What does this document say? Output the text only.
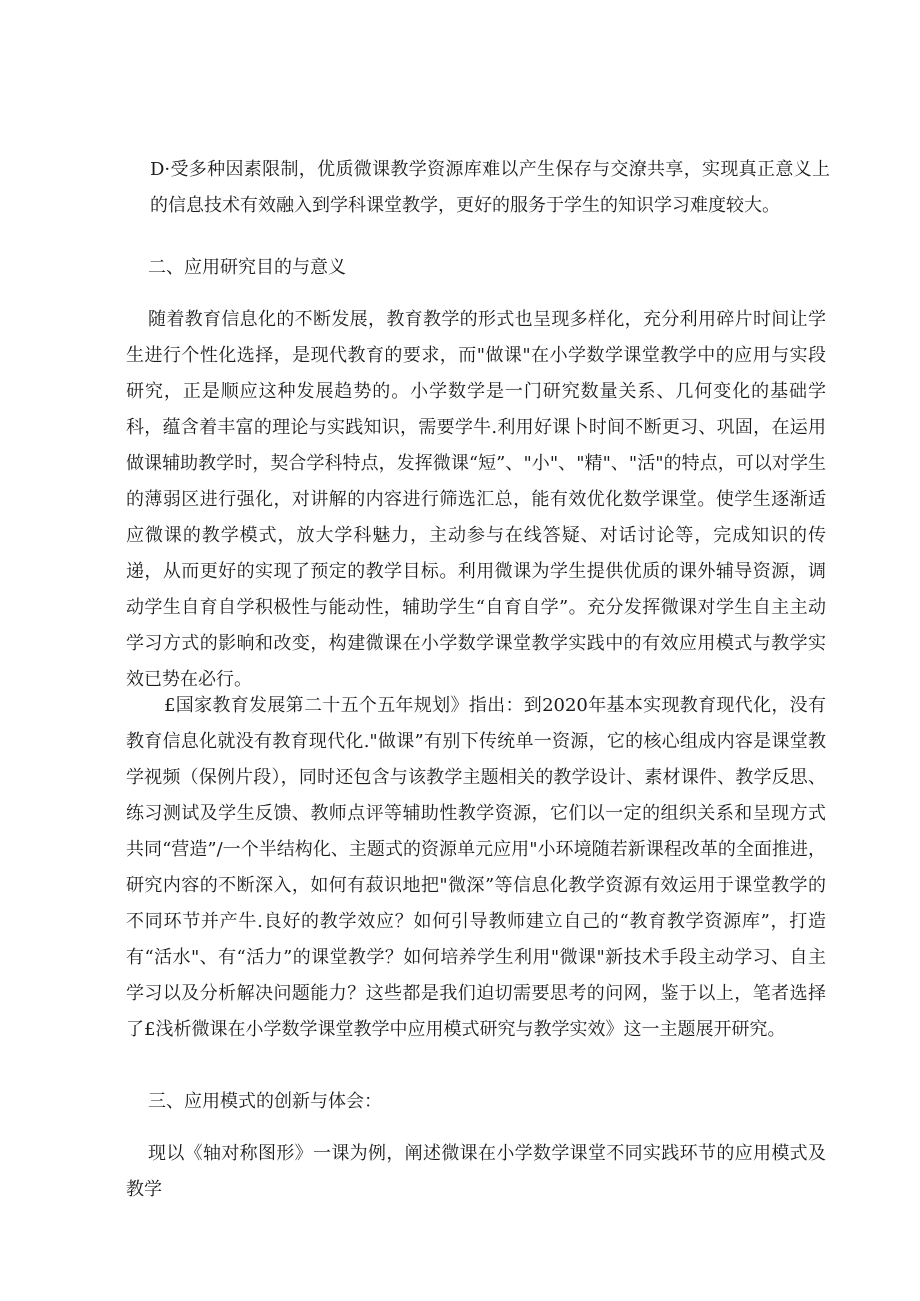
D·受多种因素限制，优质微课教学资源库难以产生保存与交潦共享，实现真正意义上的信息技术有效融入到学科课堂教学，更好的服务于学生的知识学习难度较大。

二、应用研究目的与意义

随着教育信息化的不断发展，教育教学的形式也呈现多样化，充分利用碎片时间让学生进行个性化选择，是现代教育的要求，而"做课"在小学数学课堂教学中的应用与实段研究，正是顺应这种发展趋势的。小学数学是一门研究数量关系、几何变化的基础学科，蕴含着丰富的理论与实践知识，需要学牛.利用好课卜时间不断更习、巩固，在运用做课辅助教学时，契合学科特点，发挥微课“短”、"小"、"精"、"活"的特点，可以对学生的薄弱区进行强化，对讲解的内容进行筛选汇总，能有效优化数学课堂。使学生逐渐适应微课的教学模式，放大学科魅力，主动参与在线答疑、对话讨论等，完成知识的传递，从而更好的实现了预定的教学目标。利用微课为学生提供优质的课外辅导资源，调动学生自育自学积极性与能动性，辅助学生“自育自学”。充分发挥微课对学生自主主动学习方式的影晌和改变，构建微课在小学数学课堂教学实践中的有效应用模式与教学实效已势在必行。

£国家教育发展第二十五个五年规划》指出：到2020年基本实现教育现代化，没有教育信息化就没有教育现代化."做课”有别下传统单一资源，它的核心组成内容是课堂教学视频（保例片段），同时还包含与该教学主题相关的教学设计、素材课件、教学反思、练习测试及学生反馈、教师点评等辅助性教学资源，它们以一定的组织关系和呈现方式共同“营造”/一个半结构化、主题式的资源单元应用"小环境随若新课程改革的全面推进，研究内容的不断深入，如何有菽识地把"微深”等信息化教学资源有效运用于课堂教学的不同环节并产牛.良好的教学效应？如何引导教师建立自己的“教育教学资源库”，打造有“活水"、有“活力”的课堂教学？如何培养学生利用"微课"新技术手段主动学习、自主学习以及分析解决问题能力？这些都是我们迫切需要思考的问网，鉴于以上，笔者选择了£浅析微课在小学数学课堂教学中应用模式研究与教学实效》这一主题展开研究。

三、应用模式的创新与体会：

现以《轴对称图形》一课为例，阐述微课在小学数学课堂不同实践环节的应用模式及教学
